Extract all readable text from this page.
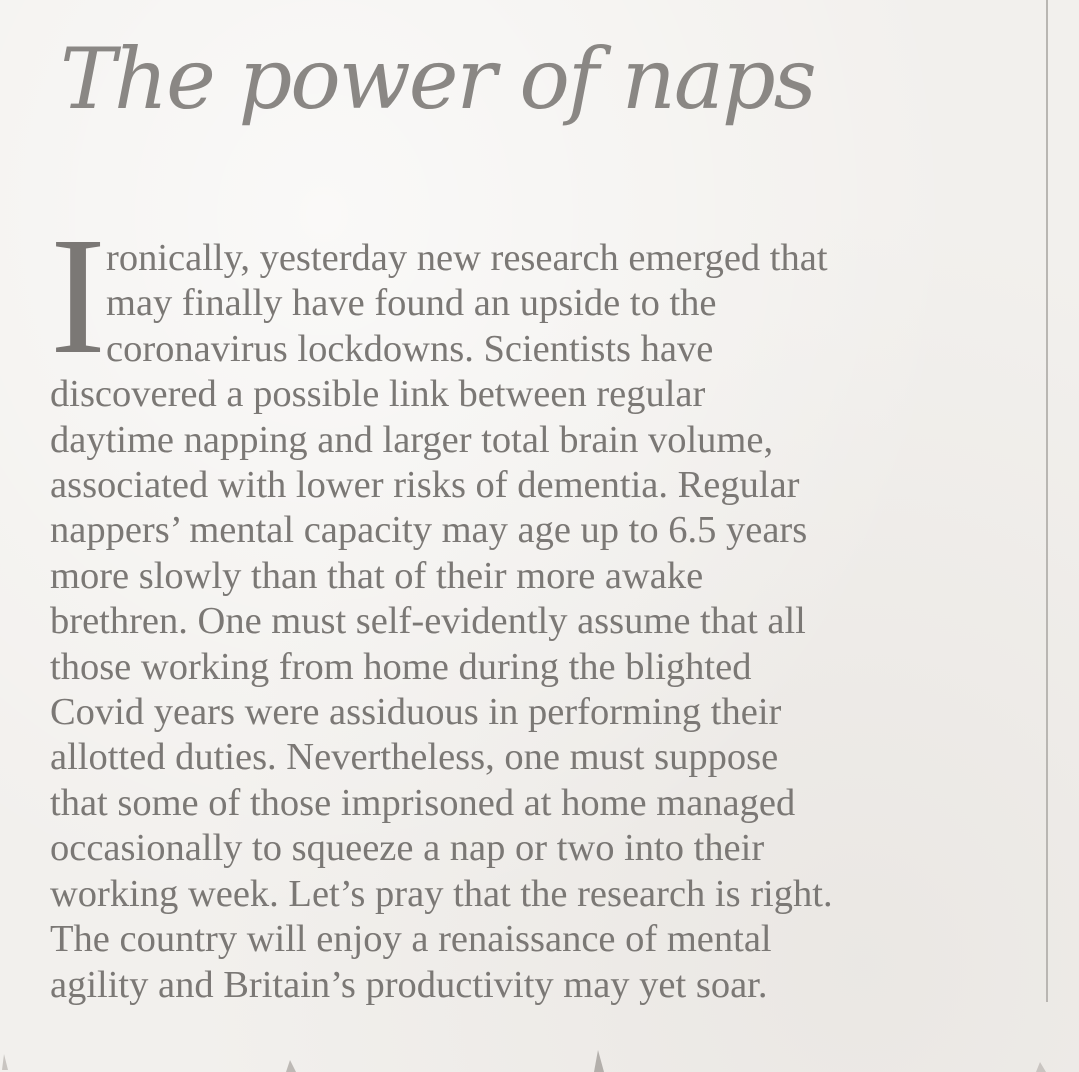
The power of naps
I ronically, yesterday new research emerged that
may finally have found an upside to the
coronavirus lockdowns. Scientists have
discovered a possible link between regular
daytime napping and larger total brain volume,
associated with lower risks of dementia. Regular
nappers’ mental capacity may age up to 6.5 years
more slowly than that of their more awake
brethren. One must self-evidently assume that all
those working from home during the blighted
Covid years were assiduous in performing their
allotted duties. Nevertheless, one must suppose
that some of those imprisoned at home managed
occasionally to squeeze a nap or two into their
working week. Let’s pray that the research is right.
The country will enjoy a renaissance of mental
agility and Britain’s productivity may yet soar.
